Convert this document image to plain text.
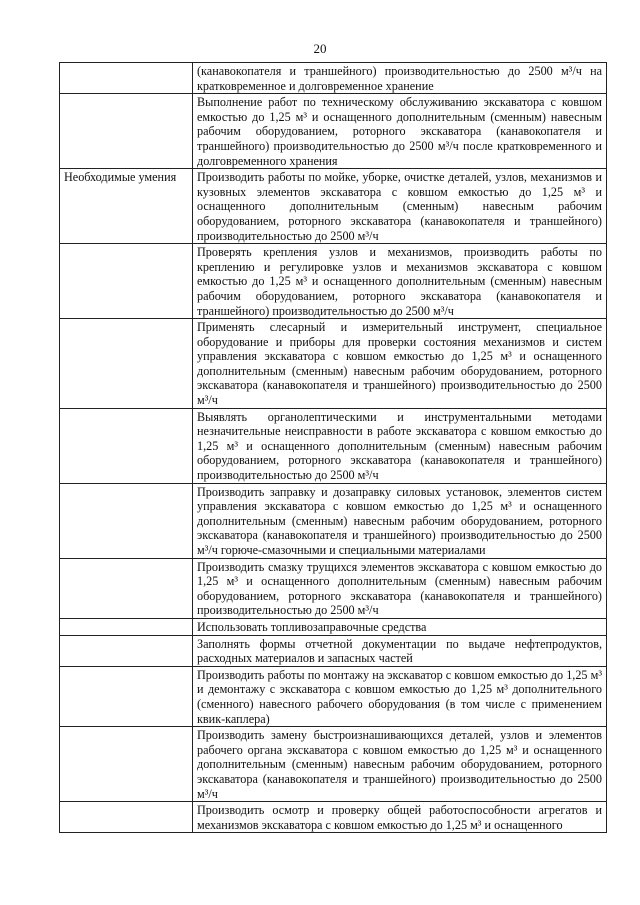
20
	(канавокопателя и траншейного) производительностью до 2500 м³/ч на кратковременное и долговременное хранение
	Выполнение работ по техническому обслуживанию экскаватора с ковшом емкостью до 1,25 м³ и оснащенного дополнительным (сменным) навесным рабочим оборудованием, роторного экскаватора (канавокопателя и траншейного) производительностью до 2500 м³/ч после кратковременного и долговременного хранения
Необходимые умения	Производить работы по мойке, уборке, очистке деталей, узлов, механизмов и кузовных элементов экскаватора с ковшом емкостью до 1,25 м³ и оснащенного дополнительным (сменным) навесным рабочим оборудованием, роторного экскаватора (канавокопателя и траншейного) производительностью до 2500 м³/ч
	Проверять крепления узлов и механизмов, производить работы по креплению и регулировке узлов и механизмов экскаватора с ковшом емкостью до 1,25 м³ и оснащенного дополнительным (сменным) навесным рабочим оборудованием, роторного экскаватора (канавокопателя и траншейного) производительностью до 2500 м³/ч
	Применять слесарный и измерительный инструмент, специальное оборудование и приборы для проверки состояния механизмов и систем управления экскаватора с ковшом емкостью до 1,25 м³ и оснащенного дополнительным (сменным) навесным рабочим оборудованием, роторного экскаватора (канавокопателя и траншейного) производительностью до 2500 м³/ч
	Выявлять органолептическими и инструментальными методами незначительные неисправности в работе экскаватора с ковшом емкостью до 1,25 м³ и оснащенного дополнительным (сменным) навесным рабочим оборудованием, роторного экскаватора (канавокопателя и траншейного) производительностью до 2500 м³/ч
	Производить заправку и дозаправку силовых установок, элементов систем управления экскаватора с ковшом емкостью до 1,25 м³ и оснащенного дополнительным (сменным) навесным рабочим оборудованием, роторного экскаватора (канавокопателя и траншейного) производительностью до 2500 м³/ч горюче-смазочными и специальными материалами
	Производить смазку трущихся элементов экскаватора с ковшом емкостью до 1,25 м³ и оснащенного дополнительным (сменным) навесным рабочим оборудованием, роторного экскаватора (канавокопателя и траншейного) производительностью до 2500 м³/ч
	Использовать топливозаправочные средства
	Заполнять формы отчетной документации по выдаче нефтепродуктов, расходных материалов и запасных частей
	Производить работы по монтажу на экскаватор с ковшом емкостью до 1,25 м³ и демонтажу с экскаватора с ковшом емкостью до 1,25 м³ дополнительного (сменного) навесного рабочего оборудования (в том числе с применением квик-каплера)
	Производить замену быстроизнашивающихся деталей, узлов и элементов рабочего органа экскаватора с ковшом емкостью до 1,25 м³ и оснащенного дополнительным (сменным) навесным рабочим оборудованием, роторного экскаватора (канавокопателя и траншейного) производительностью до 2500 м³/ч
	Производить осмотр и проверку общей работоспособности агрегатов и механизмов экскаватора с ковшом емкостью до 1,25 м³ и оснащенного
